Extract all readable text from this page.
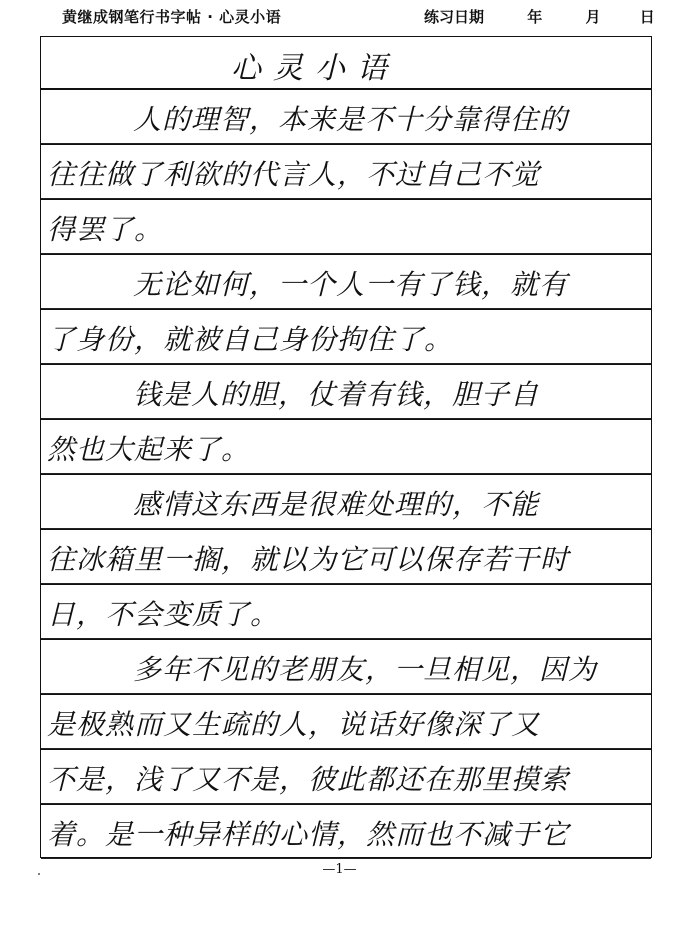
黄继成钢笔行书字帖 · 心灵小语	练习日期	年	月	日
心灵小语
人的理智，本来是不十分靠得住的
往往做了利欲的代言人，不过自己不觉
得罢了。
无论如何，一个人一有了钱，就有
了身份，就被自己身份拘住了。
钱是人的胆，仗着有钱，胆子自
然也大起来了。
感情这东西是很难处理的，不能
往冰箱里一搁，就以为它可以保存若干时
日，不会变质了。
多年不见的老朋友，一旦相见，因为
是极熟而又生疏的人，说话好像深了又
不是，浅了又不是，彼此都还在那里摸索
着。是一种异样的心情，然而也不减于它
—1—
